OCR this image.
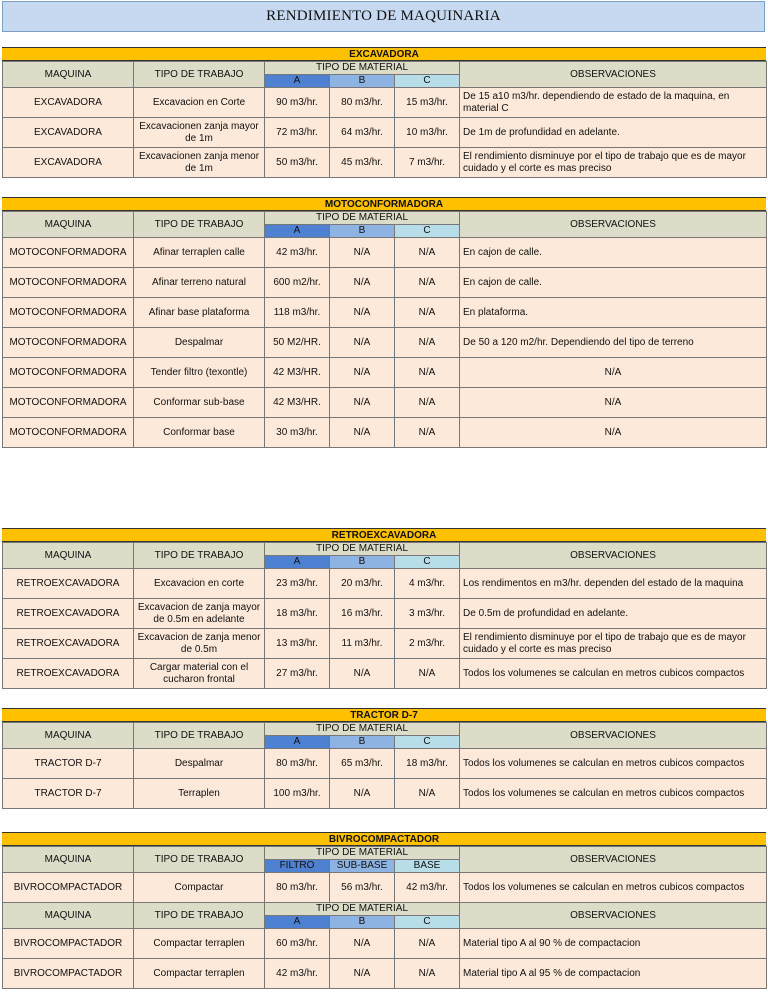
RENDIMIENTO DE MAQUINARIA
EXCAVADORA
MAQUINA	TIPO DE TRABAJO	TIPO DE MATERIAL			OBSERVACIONES
		A	B	C	
EXCAVADORA	Excavacion en Corte	90 m3/hr.	80 m3/hr.	15 m3/hr.	De 15 a10 m3/hr. dependiendo de estado de la maquina, en material C
EXCAVADORA	Excavacionen zanja mayor de 1m	72 m3/hr.	64 m3/hr.	10 m3/hr.	De 1m de profundidad en adelante.
EXCAVADORA	Excavacionen zanja menor de 1m	50 m3/hr.	45 m3/hr.	7 m3/hr.	El rendimiento disminuye por el tipo de trabajo que es de mayor cuidado y el corte es mas preciso
MOTOCONFORMADORA
MAQUINA	TIPO DE TRABAJO	TIPO DE MATERIAL			OBSERVACIONES
		A	B	C	
MOTOCONFORMADORA	Afinar terraplen calle	42 m3/hr.	N/A	N/A	En cajon de calle.
MOTOCONFORMADORA	Afinar terreno natural	600 m2/hr.	N/A	N/A	En cajon de calle.
MOTOCONFORMADORA	Afinar base plataforma	118 m3/hr.	N/A	N/A	En plataforma.
MOTOCONFORMADORA	Despalmar	50 M2/HR.	N/A	N/A	De 50 a 120 m2/hr. Dependiendo del tipo de terreno
MOTOCONFORMADORA	Tender filtro (texontle)	42 M3/HR.	N/A	N/A	N/A
MOTOCONFORMADORA	Conformar sub-base	42 M3/HR.	N/A	N/A	N/A
MOTOCONFORMADORA	Conformar base	30 m3/hr.	N/A	N/A	N/A
RETROEXCAVADORA
MAQUINA	TIPO DE TRABAJO	TIPO DE MATERIAL			OBSERVACIONES
		A	B	C	
RETROEXCAVADORA	Excavacion en corte	23 m3/hr.	20 m3/hr.	4 m3/hr.	Los rendimentos en m3/hr. dependen del estado de la maquina
RETROEXCAVADORA	Excavacion de zanja mayor de 0.5m en adelante	18 m3/hr.	16 m3/hr.	3 m3/hr.	De 0.5m de profundidad en adelante.
RETROEXCAVADORA	Excavacion de zanja menor de 0.5m	13 m3/hr.	11 m3/hr.	2 m3/hr.	El rendimiento disminuye por el tipo de trabajo que es de mayor cuidado y el corte es mas preciso
RETROEXCAVADORA	Cargar material con el cucharon frontal	27 m3/hr.	N/A	N/A	Todos los volumenes se calculan en metros cubicos compactos
TRACTOR D-7
MAQUINA	TIPO DE TRABAJO	TIPO DE MATERIAL			OBSERVACIONES
		A	B	C	
TRACTOR D-7	Despalmar	80 m3/hr.	65 m3/hr.	18 m3/hr.	Todos los volumenes se calculan en metros cubicos compactos
TRACTOR D-7	Terraplen	100 m3/hr.	N/A	N/A	Todos los volumenes se calculan en metros cubicos compactos
BIVROCOMPACTADOR
MAQUINA	TIPO DE TRABAJO	TIPO DE MATERIAL			OBSERVACIONES
		FILTRO	SUB-BASE	BASE	
BIVROCOMPACTADOR	Compactar	80 m3/hr.	56 m3/hr.	42 m3/hr.	Todos los volumenes se calculan en metros cubicos compactos
MAQUINA	TIPO DE TRABAJO	TIPO DE MATERIAL			OBSERVACIONES
		A	B	C	
BIVROCOMPACTADOR	Compactar terraplen	60 m3/hr.	N/A	N/A	Material tipo A al 90 % de compactacion
BIVROCOMPACTADOR	Compactar terraplen	42 m3/hr.	N/A	N/A	Material tipo A al 95 % de compactacion
